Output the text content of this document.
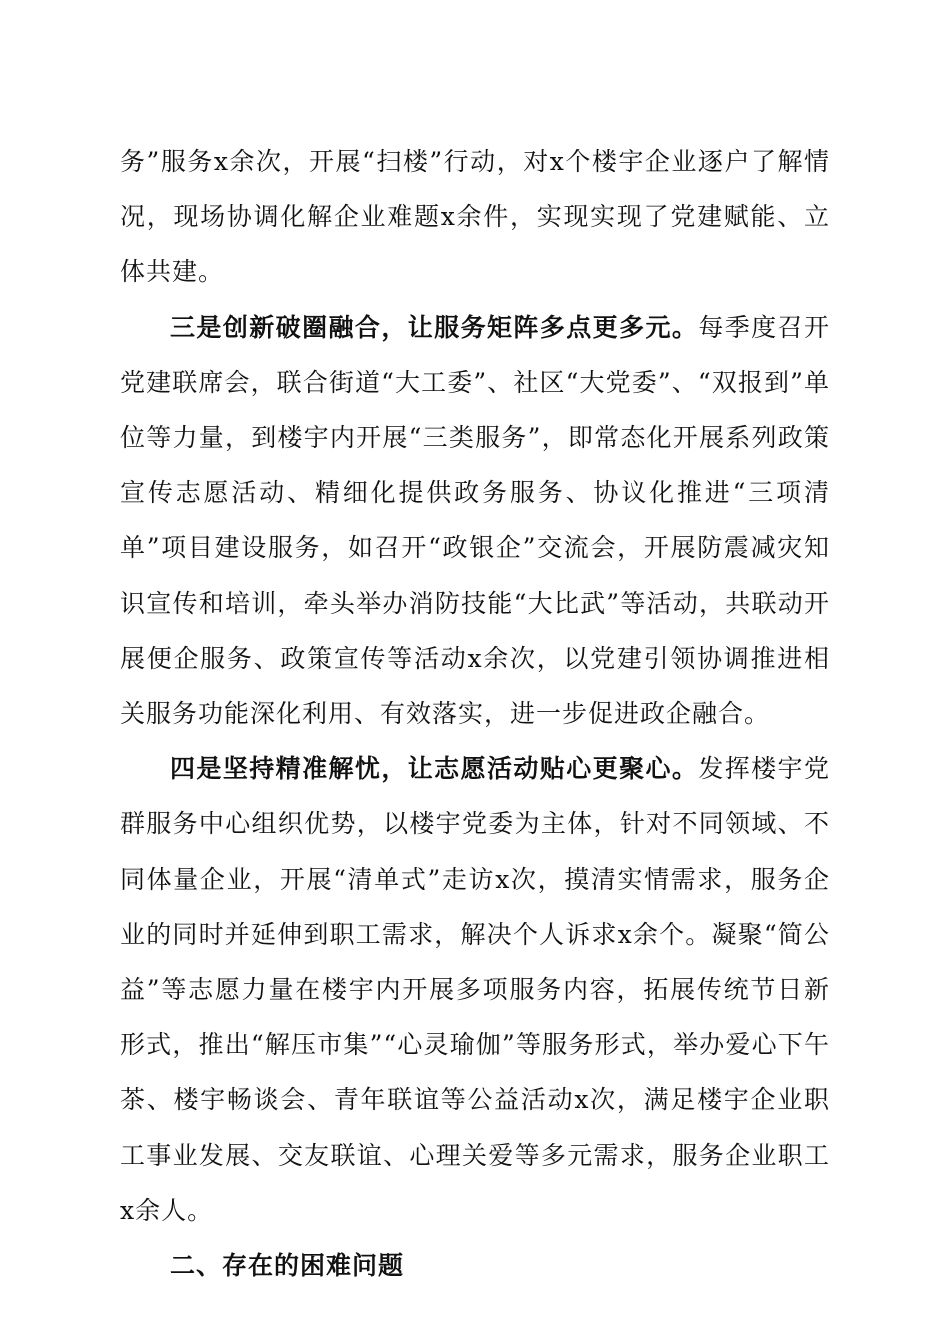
务”服务x余次，开展“扫楼”行动，对x个楼宇企业逐户了解情况，现场协调化解企业难题x余件，实现实现了党建赋能、立体共建。

三是创新破圈融合，让服务矩阵多点更多元。每季度召开党建联席会，联合街道“大工委”、社区“大党委”、“双报到”单位等力量，到楼宇内开展“三类服务”，即常态化开展系列政策宣传志愿活动、精细化提供政务服务、协议化推进“三项清单”项目建设服务，如召开“政银企”交流会，开展防震减灾知识宣传和培训，牵头举办消防技能“大比武”等活动，共联动开展便企服务、政策宣传等活动x余次，以党建引领协调推进相关服务功能深化利用、有效落实，进一步促进政企融合。

四是坚持精准解忧，让志愿活动贴心更聚心。发挥楼宇党群服务中心组织优势，以楼宇党委为主体，针对不同领域、不同体量企业，开展“清单式”走访x次，摸清实情需求，服务企业的同时并延伸到职工需求，解决个人诉求x余个。凝聚“简公益”等志愿力量在楼宇内开展多项服务内容，拓展传统节日新形式，推出“解压市集”“心灵瑜伽”等服务形式，举办爱心下午茶、楼宇畅谈会、青年联谊等公益活动x次，满足楼宇企业职工事业发展、交友联谊、心理关爱等多元需求，服务企业职工x余人。

二、存在的困难问题
